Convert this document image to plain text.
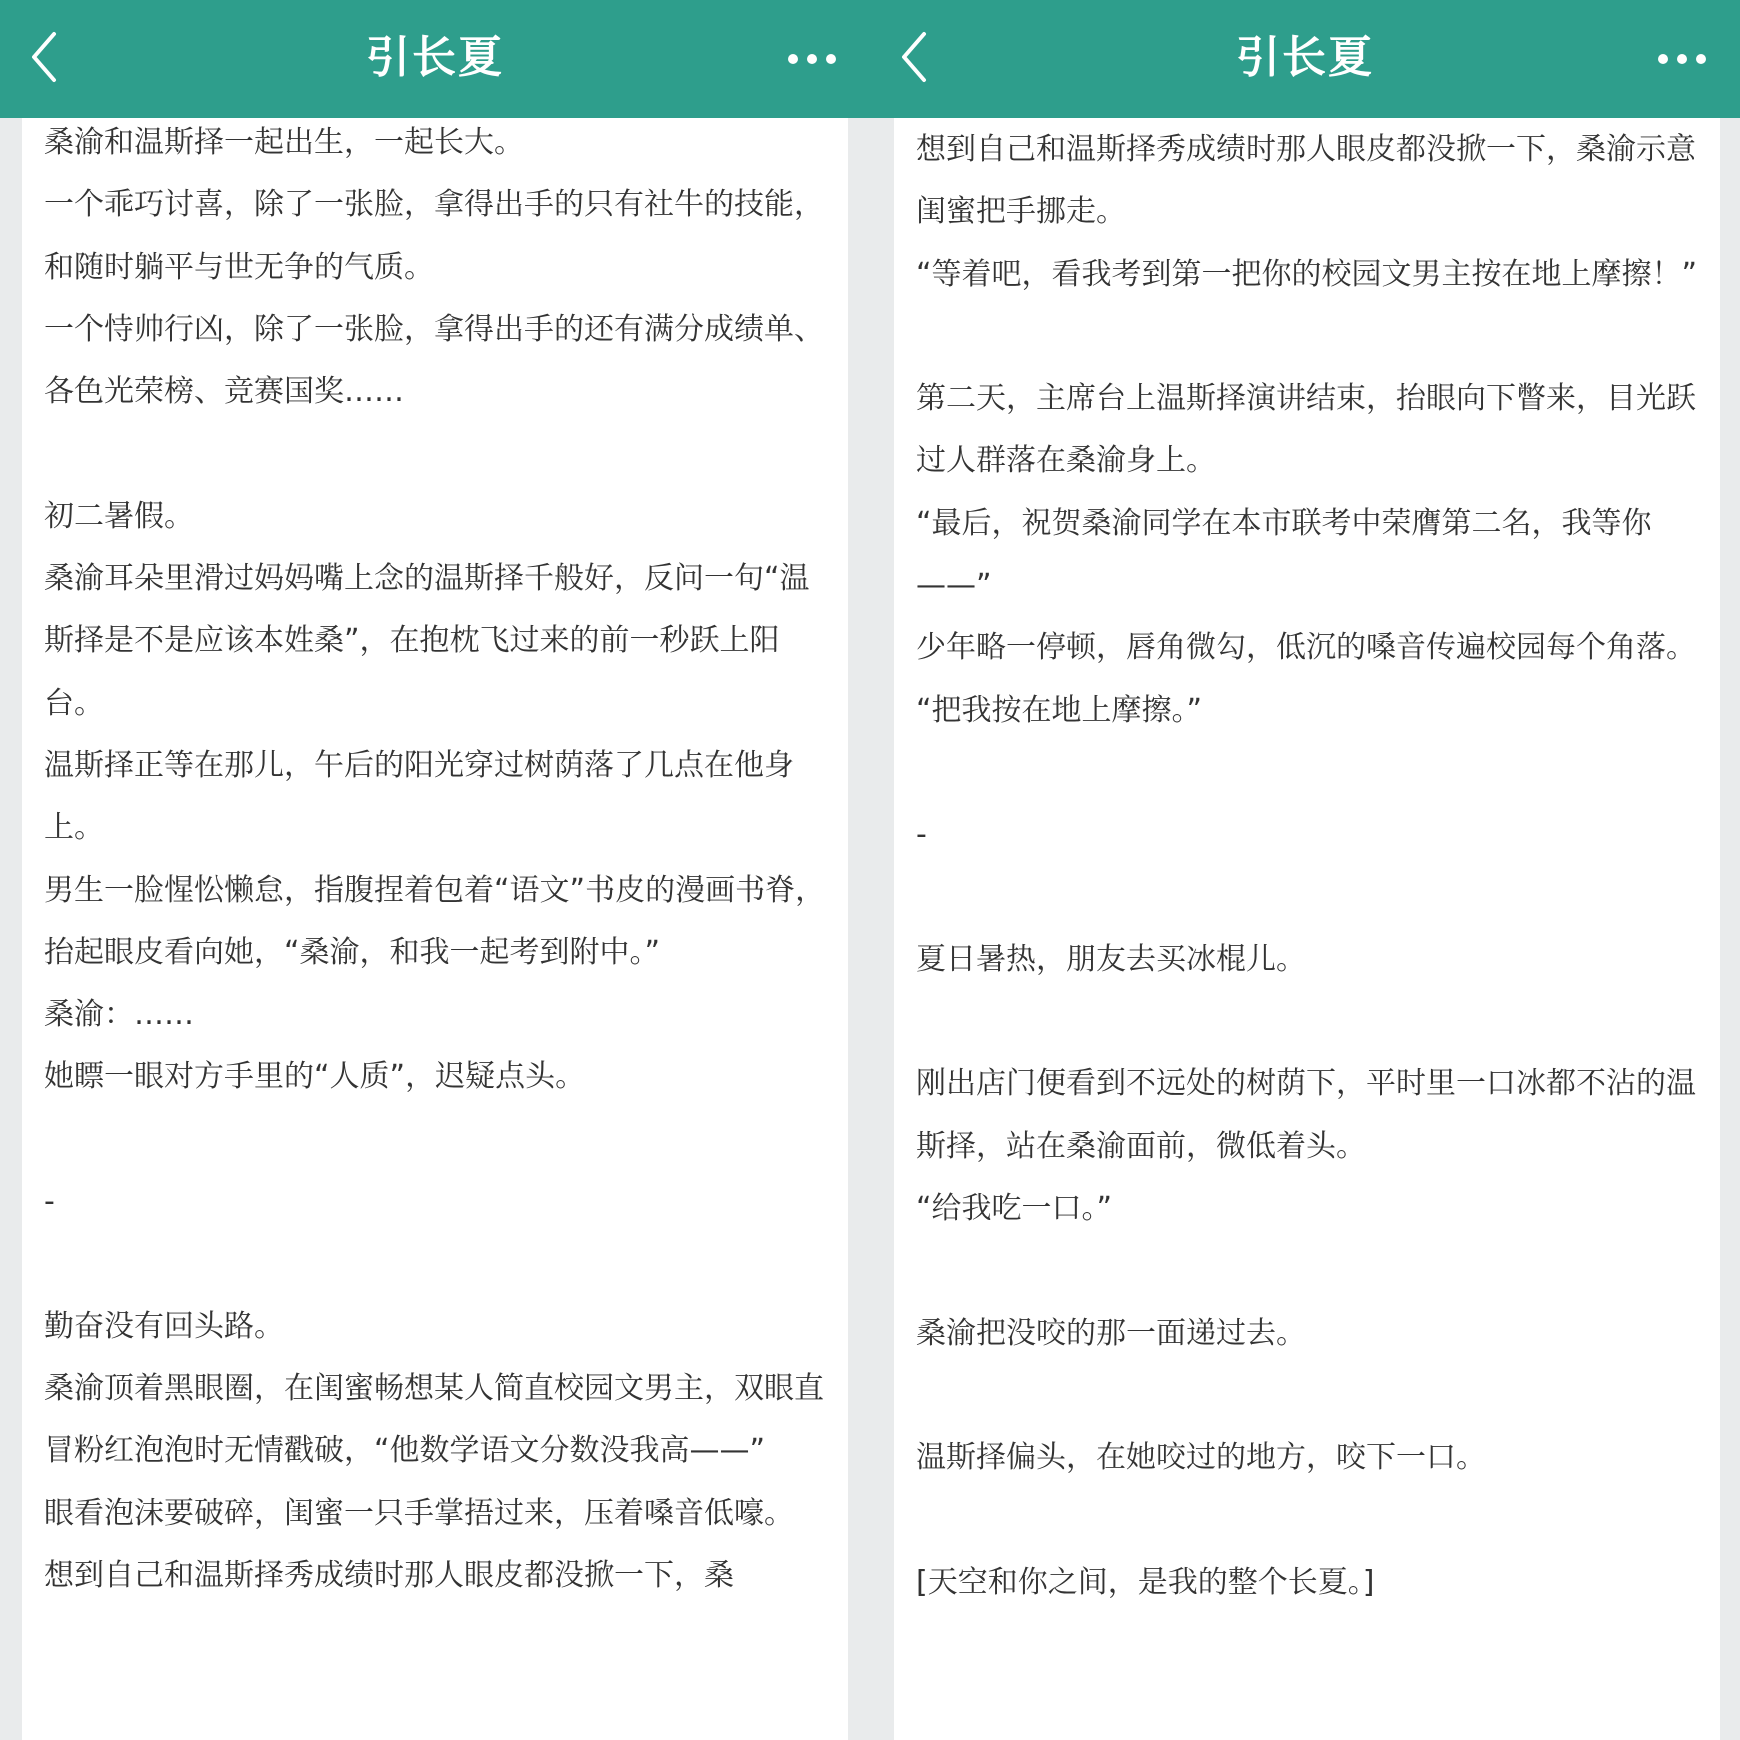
引长夏

桑渝和温斯择一起出生，一起长大。

一个乖巧讨喜，除了一张脸，拿得出手的只有社牛的技能，和随时躺平与世无争的气质。

一个恃帅行凶，除了一张脸，拿得出手的还有满分成绩单、各色光荣榜、竞赛国奖……

初二暑假。

桑渝耳朵里滑过妈妈嘴上念的温斯择千般好，反问一句“温斯择是不是应该本姓桑”，在抱枕飞过来的前一秒跃上阳台。

温斯择正等在那儿，午后的阳光穿过树荫落了几点在他身上。

男生一脸惺忪懒怠，指腹捏着包着“语文”书皮的漫画书脊，抬起眼皮看向她，“桑渝，和我一起考到附中。”

桑渝：……

她瞟一眼对方手里的“人质”，迟疑点头。

-

勤奋没有回头路。

桑渝顶着黑眼圈，在闺蜜畅想某人简直校园文男主，双眼直冒粉红泡泡时无情戳破，“他数学语文分数没我高——”

眼看泡沫要破碎，闺蜜一只手掌捂过来，压着嗓音低嚎。

想到自己和温斯择秀成绩时那人眼皮都没掀一下，桑

引长夏

想到自己和温斯择秀成绩时那人眼皮都没掀一下，桑渝示意闺蜜把手挪走。

“等着吧，看我考到第一把你的校园文男主按在地上摩擦！”

第二天，主席台上温斯择演讲结束，抬眼向下瞥来，目光跃过人群落在桑渝身上。

“最后，祝贺桑渝同学在本市联考中荣膺第二名，我等你——”

少年略一停顿，唇角微勾，低沉的嗓音传遍校园每个角落。

“把我按在地上摩擦。”

-

夏日暑热，朋友去买冰棍儿。

刚出店门便看到不远处的树荫下，平时里一口冰都不沾的温斯择，站在桑渝面前，微低着头。

“给我吃一口。”

桑渝把没咬的那一面递过去。

温斯择偏头，在她咬过的地方，咬下一口。

[天空和你之间，是我的整个长夏。]
